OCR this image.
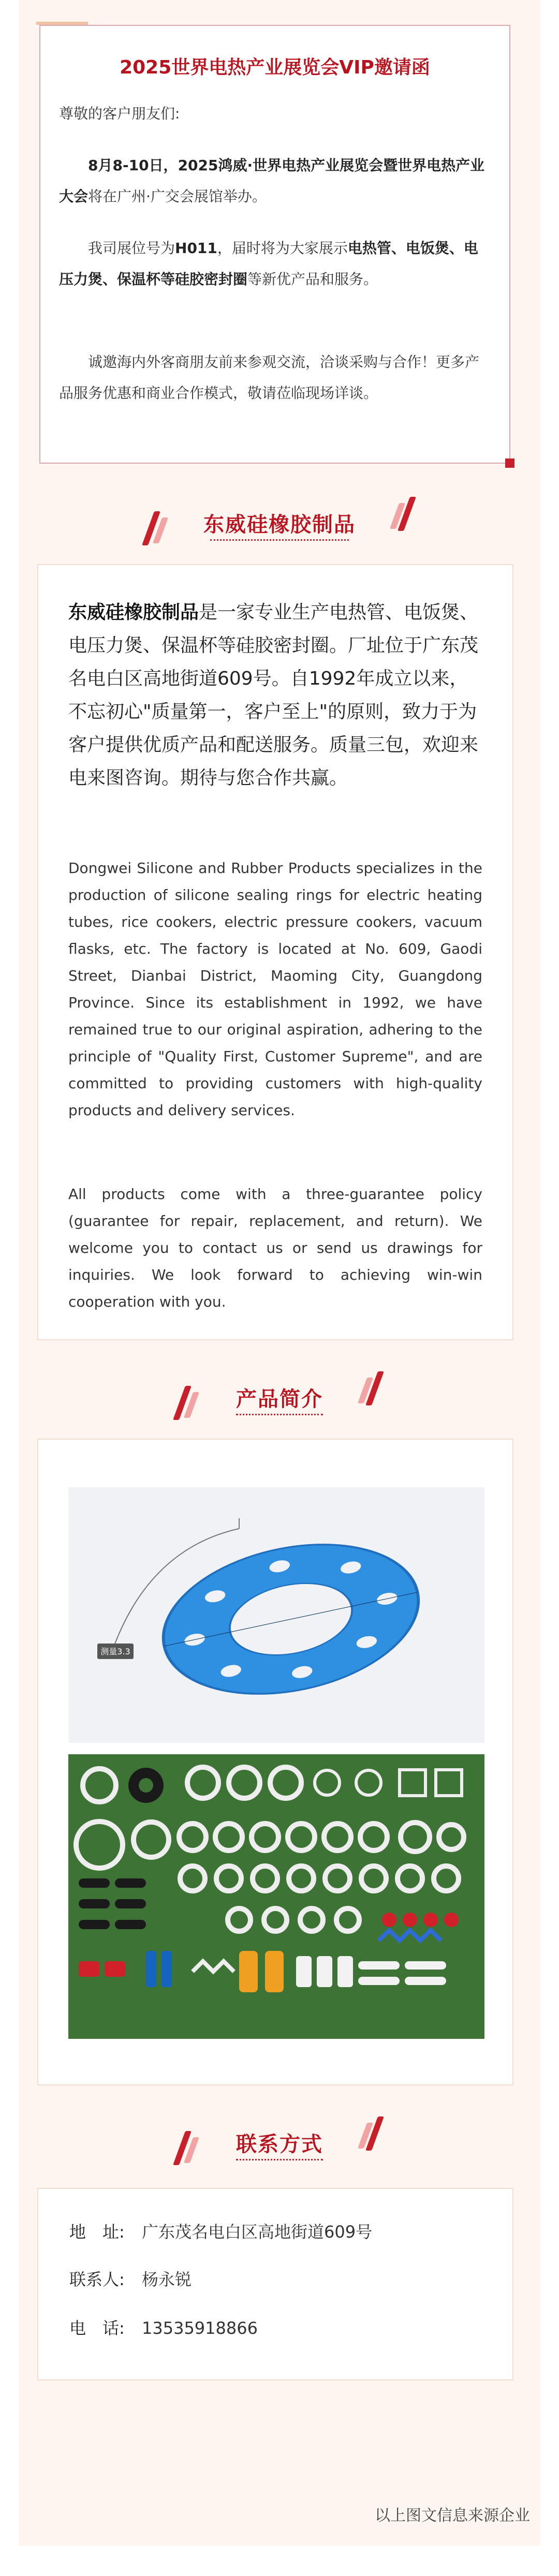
2025世界电热产业展览会VIP邀请函
尊敬的客户朋友们:
8月8-10日，2025鸿威·世界电热产业展览会暨世界电热产业大会将在广州·广交会展馆举办。
我司展位号为H011，届时将为大家展示电热管、电饭煲、电压力煲、保温杯等硅胶密封圈等新优产品和服务。
诚邀海内外客商朋友前来参观交流，洽谈采购与合作！更多产品服务优惠和商业合作模式，敬请莅临现场详谈。
东威硅橡胶制品
东威硅橡胶制品是一家专业生产电热管、电饭煲、电压力煲、保温杯等硅胶密封圈。厂址位于广东茂名电白区高地街道609号。自1992年成立以来，不忘初心"质量第一，客户至上"的原则，致力于为客户提供优质产品和配送服务。质量三包，欢迎来电来图咨询。期待与您合作共赢。
Dongwei Silicone and Rubber Products specializes in the production of silicone sealing rings for electric heating tubes, rice cookers, electric pressure cookers, vacuum flasks, etc. The factory is located at No. 609, Gaodi Street, Dianbai District, Maoming City, Guangdong Province. Since its establishment in 1992, we have remained true to our original aspiration, adhering to the principle of "Quality First, Customer Supreme", and are committed to providing customers with high-quality products and delivery services.
All products come with a three-guarantee policy (guarantee for repair, replacement, and return). We welcome you to contact us or send us drawings for inquiries. We look forward to achieving win-win cooperation with you.
产品简介
测量3.3
联系方式
地　址: 广东茂名电白区高地街道609号
联系人: 杨永锐
电　话: 13535918866
以上图文信息来源企业
